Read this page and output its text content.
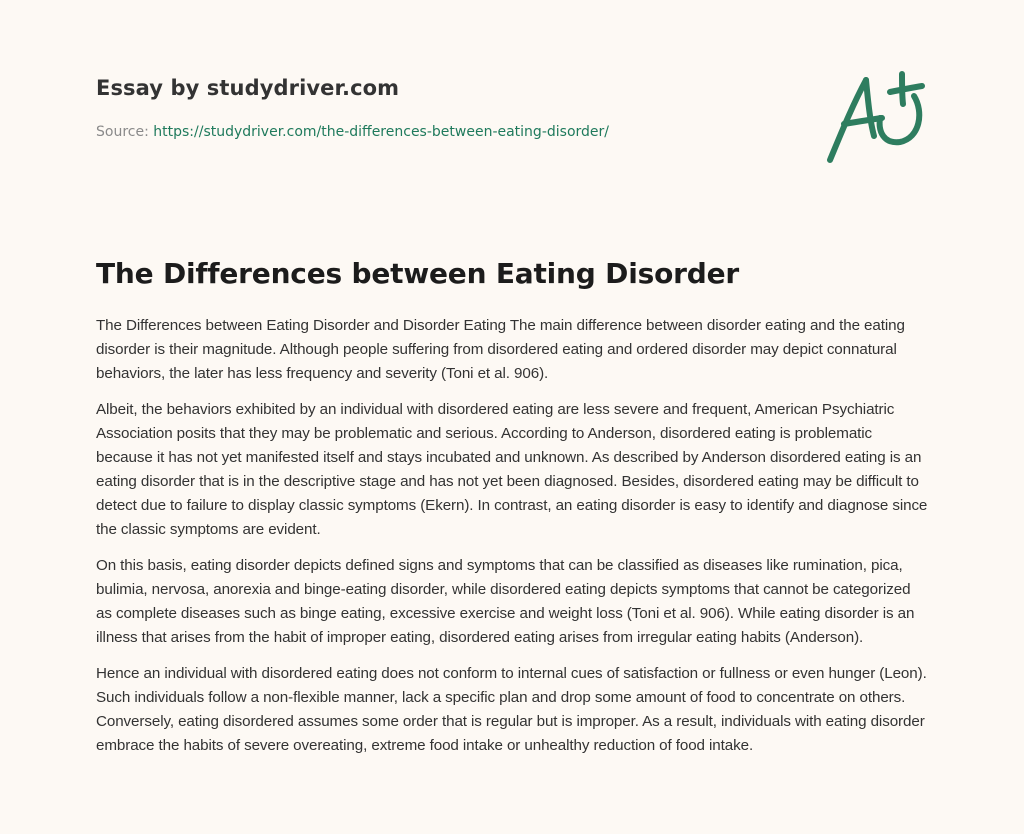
Essay by studydriver.com
Source: https://studydriver.com/the-differences-between-eating-disorder/
The Differences between Eating Disorder

The Differences between Eating Disorder and Disorder Eating The main difference between disorder eating and the eating disorder is their magnitude. Although people suffering from disordered eating and ordered disorder may depict connatural behaviors, the later has less frequency and severity (Toni et al. 906).

Albeit, the behaviors exhibited by an individual with disordered eating are less severe and frequent, American Psychiatric Association posits that they may be problematic and serious. According to Anderson, disordered eating is problematic because it has not yet manifested itself and stays incubated and unknown. As described by Anderson disordered eating is an eating disorder that is in the descriptive stage and has not yet been diagnosed. Besides, disordered eating may be difficult to detect due to failure to display classic symptoms (Ekern). In contrast, an eating disorder is easy to identify and diagnose since the classic symptoms are evident.

On this basis, eating disorder depicts defined signs and symptoms that can be classified as diseases like rumination, pica, bulimia, nervosa, anorexia and binge-eating disorder, while disordered eating depicts symptoms that cannot be categorized as complete diseases such as binge eating, excessive exercise and weight loss (Toni et al. 906). While eating disorder is an illness that arises from the habit of improper eating, disordered eating arises from irregular eating habits (Anderson).

Hence an individual with disordered eating does not conform to internal cues of satisfaction or fullness or even hunger (Leon). Such individuals follow a non-flexible manner, lack a specific plan and drop some amount of food to concentrate on others. Conversely, eating disordered assumes some order that is regular but is improper. As a result, individuals with eating disorder embrace the habits of severe overeating, extreme food intake or unhealthy reduction of food intake.
